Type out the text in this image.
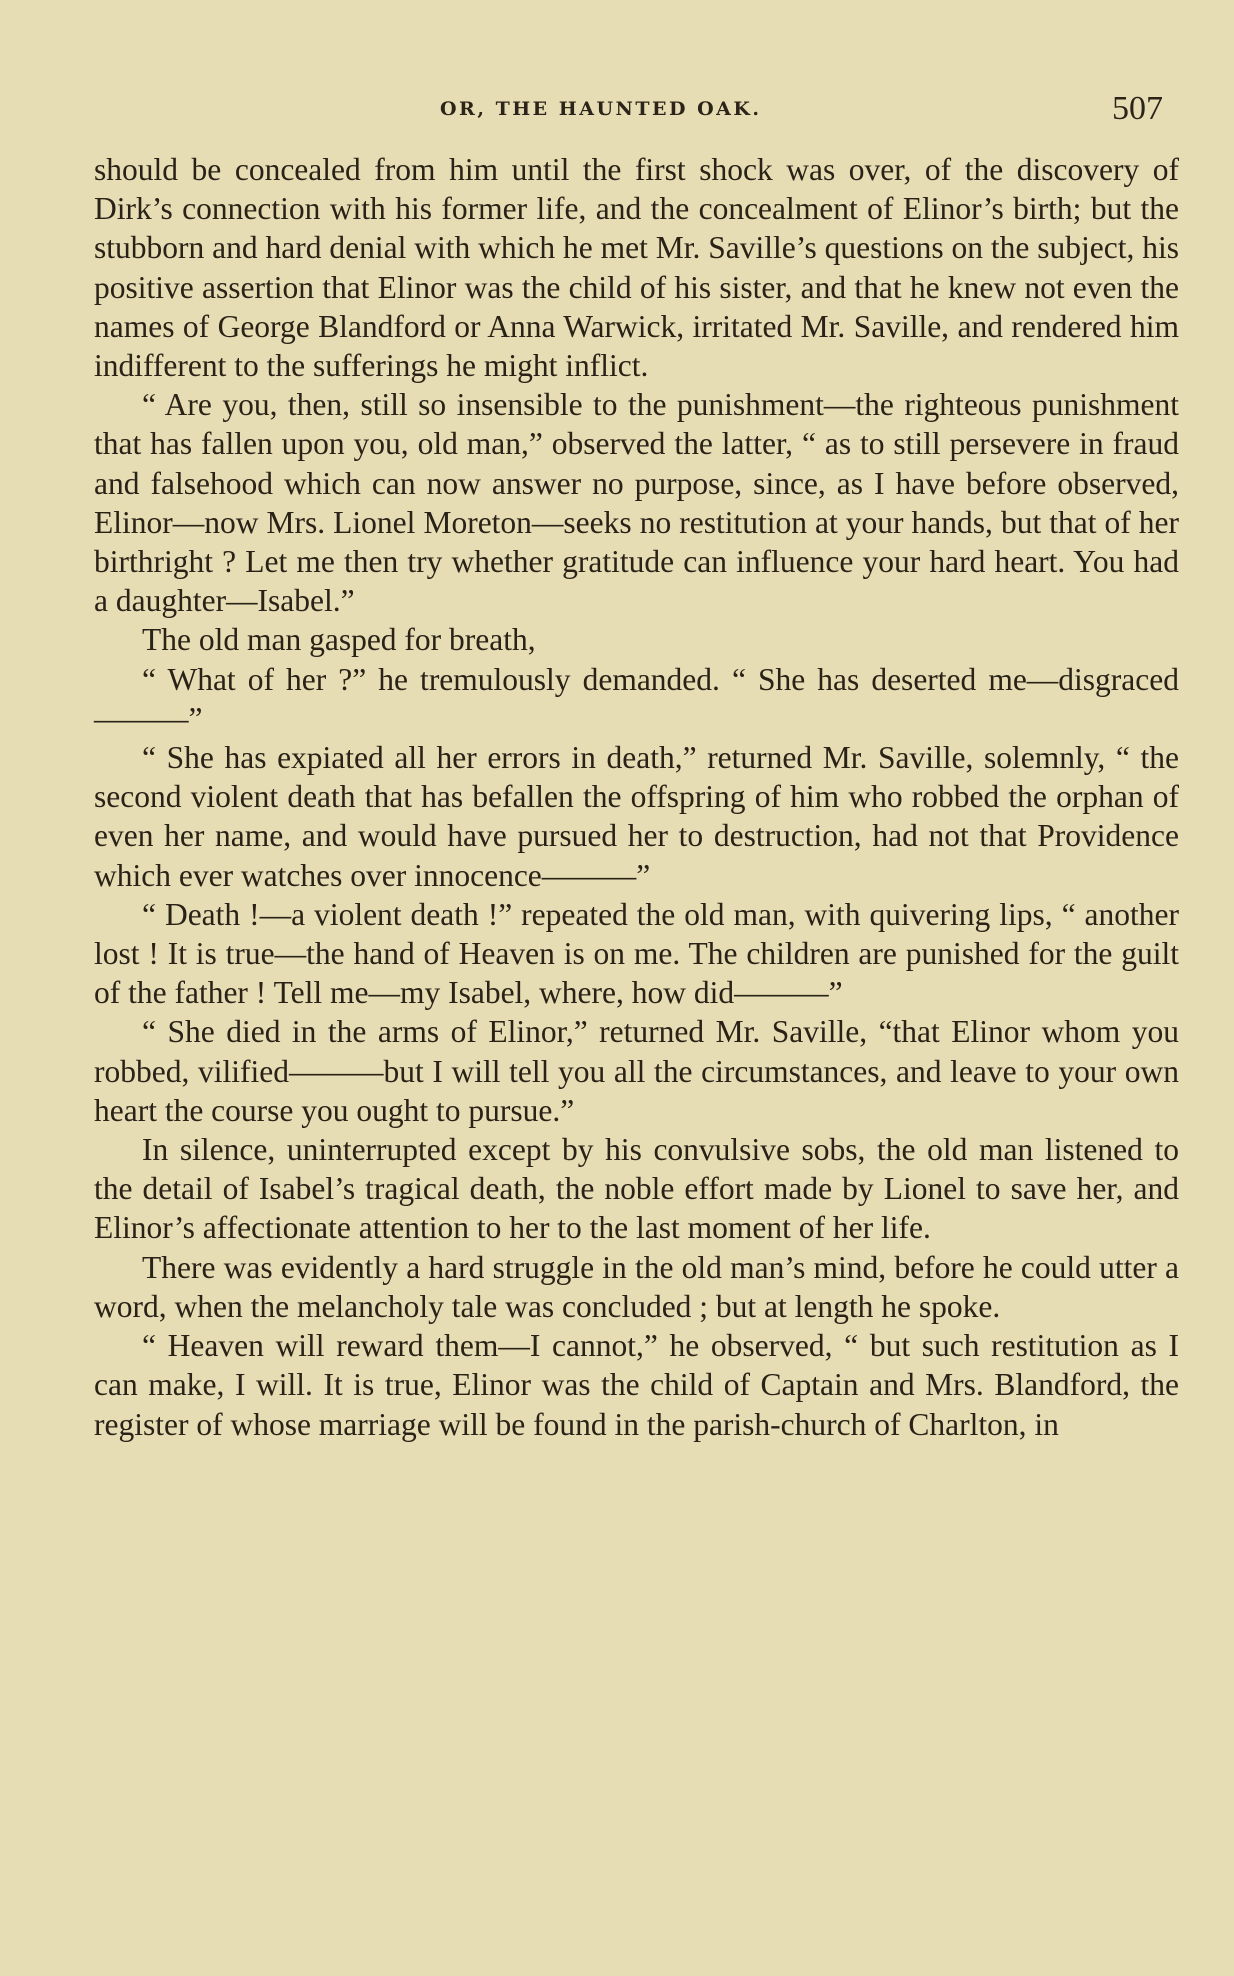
OR, THE HAUNTED OAK.	507

should be concealed from him until the first shock was over, of the discovery of Dirk’s connection with his former life, and the concealment of Elinor’s birth; but the stubborn and hard denial with which he met Mr. Saville’s questions on the subject, his positive assertion that Elinor was the child of his sister, and that he knew not even the names of George Blandford or Anna Warwick, irritated Mr. Saville, and rendered him indifferent to the sufferings he might inflict.

“ Are you, then, still so insensible to the punishment—the righteous punishment that has fallen upon you, old man,” observed the latter, “ as to still persevere in fraud and falsehood which can now answer no purpose, since, as I have before observed, Elinor—now Mrs. Lionel Moreton—seeks no restitution at your hands, but that of her birthright ? Let me then try whether gratitude can influence your hard heart. You had a daughter—Isabel.”

The old man gasped for breath,

“ What of her ?” he tremulously demanded. “ She has deserted me—disgraced———”

“ She has expiated all her errors in death,” returned Mr. Saville, solemnly, “ the second violent death that has befallen the offspring of him who robbed the orphan of even her name, and would have pursued her to destruction, had not that Providence which ever watches over innocence———”

“ Death !—a violent death !” repeated the old man, with quivering lips, “ another lost ! It is true—the hand of Heaven is on me. The children are punished for the guilt of the father ! Tell me—my Isabel, where, how did———”

“ She died in the arms of Elinor,” returned Mr. Saville, “that Elinor whom you robbed, vilified———but I will tell you all the circumstances, and leave to your own heart the course you ought to pursue.”

In silence, uninterrupted except by his convulsive sobs, the old man listened to the detail of Isabel’s tragical death, the noble effort made by Lionel to save her, and Elinor’s affectionate attention to her to the last moment of her life.

There was evidently a hard struggle in the old man’s mind, before he could utter a word, when the melancholy tale was concluded ; but at length he spoke.

“ Heaven will reward them—I cannot,” he observed, “ but such restitution as I can make, I will. It is true, Elinor was the child of Captain and Mrs. Blandford, the register of whose marriage will be found in the parish-church of Charlton, in
